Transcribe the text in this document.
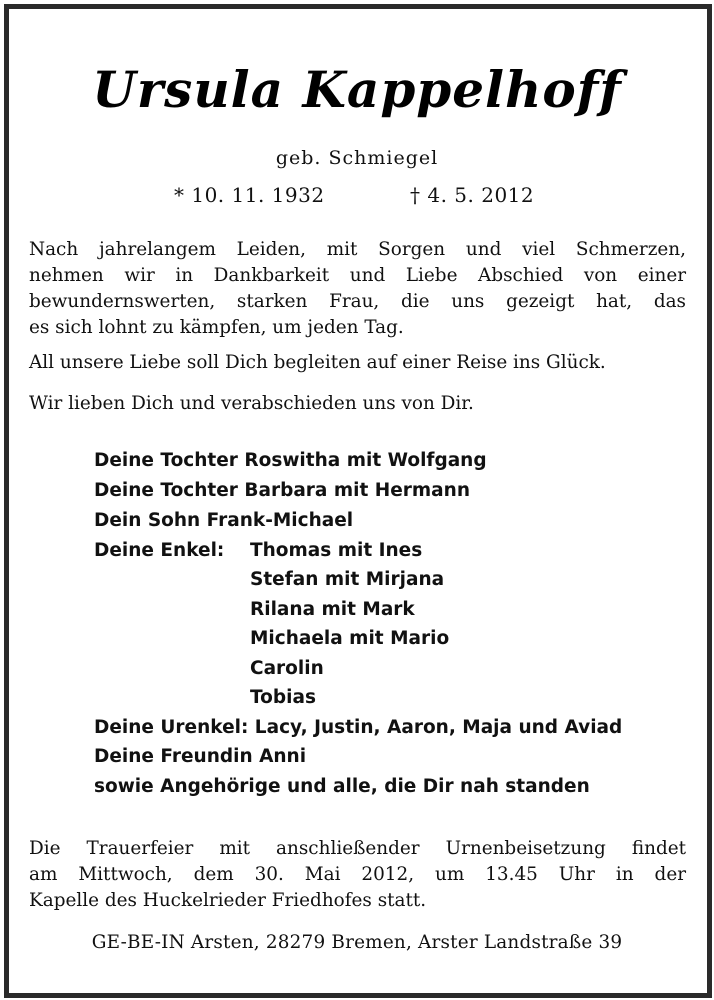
Ursula Kappelhoff
geb. Schmiegel
* 10. 11. 1932	† 4. 5. 2012
Nach jahrelangem Leiden, mit Sorgen und viel Schmerzen,
nehmen wir in Dankbarkeit und Liebe Abschied von einer
bewundernswerten, starken Frau, die uns gezeigt hat, das
es sich lohnt zu kämpfen, um jeden Tag.
All unsere Liebe soll Dich begleiten auf einer Reise ins Glück.
Wir lieben Dich und verabschieden uns von Dir.
Deine Tochter Roswitha mit Wolfgang
Deine Tochter Barbara mit Hermann
Dein Sohn Frank-Michael
Deine Enkel: Thomas mit Ines
Stefan mit Mirjana
Rilana mit Mark
Michaela mit Mario
Carolin
Tobias
Deine Urenkel: Lacy, Justin, Aaron, Maja und Aviad
Deine Freundin Anni
sowie Angehörige und alle, die Dir nah standen
Die Trauerfeier mit anschließender Urnenbeisetzung findet
am Mittwoch, dem 30. Mai 2012, um 13.45 Uhr in der
Kapelle des Huckelrieder Friedhofes statt.
GE-BE-IN Arsten, 28279 Bremen, Arster Landstraße 39
